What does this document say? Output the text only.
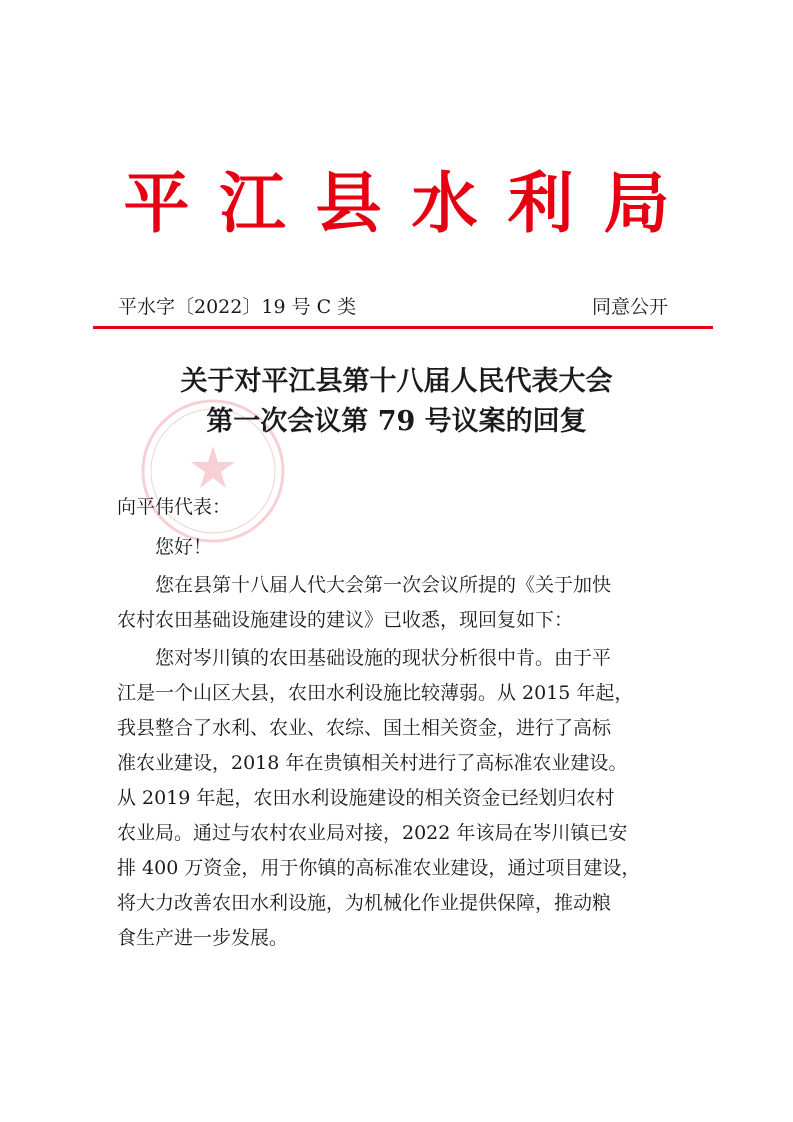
平江县水利局
平水字〔2022〕19 号 C 类	同意公开
关于对平江县第十八届人民代表大会
第一次会议第 79 号议案的回复

向平伟代表：

您好！

您在县第十八届人代大会第一次会议所提的《关于加快
农村农田基础设施建设的建议》已收悉，现回复如下：

您对岑川镇的农田基础设施的现状分析很中肯。由于平
江是一个山区大县，农田水利设施比较薄弱。从 2015 年起，
我县整合了水利、农业、农综、国土相关资金，进行了高标
准农业建设，2018 年在贵镇相关村进行了高标准农业建设。
从 2019 年起，农田水利设施建设的相关资金已经划归农村
农业局。通过与农村农业局对接，2022 年该局在岑川镇已安
排 400 万资金，用于你镇的高标准农业建设，通过项目建设，
将大力改善农田水利设施，为机械化作业提供保障，推动粮
食生产进一步发展。
